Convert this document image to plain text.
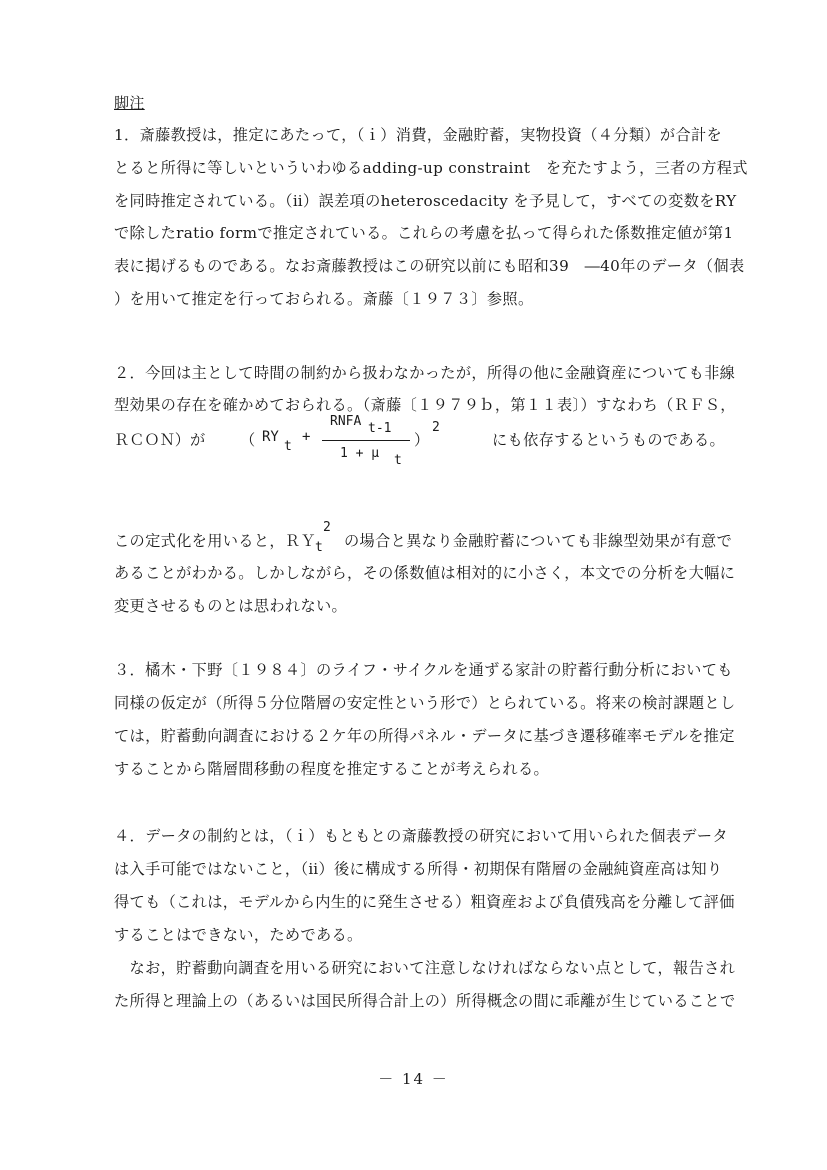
脚注
1．斎藤教授は，推定にあたって，（ｉ）消費，金融貯蓄，実物投資（４分類）が合計を
とると所得に等しいといういわゆるadding-up constraint　を充たすよう，三者の方程式
を同時推定されている。（ⅱ）誤差項のheteroscedacity を予見して，すべての変数をRY
で除したratio formで推定されている。これらの考慮を払って得られた係数推定値が第1
表に掲げるものである。なお斎藤教授はこの研究以前にも昭和39　―40年のデータ（個表
）を用いて推定を行っておられる。斎藤〔１９７３〕参照。
２．今回は主として時間の制約から扱わなかったが，所得の他に金融資産についても非線
型効果の存在を確かめておられる。（斎藤〔１９７９ｂ，第１１表〕）すなわち（ＲＦＳ，
ＲＣＯＮ）が （ RY
t
+
RNFA t-1
1 + μ t
）
2
にも依存するというものである。
この定式化を用いると，ＲＹ
2
t の場合と異なり金融貯蓄についても非線型効果が有意で
あることがわかる。しかしながら，その係数値は相対的に小さく，本文での分析を大幅に
変更させるものとは思われない。
３．橘木・下野〔１９８４〕のライフ・サイクルを通ずる家計の貯蓄行動分析においても
同様の仮定が（所得５分位階層の安定性という形で）とられている。将来の検討課題とし
ては，貯蓄動向調査における２ケ年の所得パネル・データに基づき遷移確率モデルを推定
することから階層間移動の程度を推定することが考えられる。
４．データの制約とは，（ｉ）もともとの斎藤教授の研究において用いられた個表データ
は入手可能ではないこと，（ⅱ）後に構成する所得・初期保有階層の金融純資産高は知り
得ても（これは，モデルから内生的に発生させる）粗資産および負債残高を分離して評価
することはできない，ためである。
　なお，貯蓄動向調査を用いる研究において注意しなければならない点として，報告され
た所得と理論上の（あるいは国民所得合計上の）所得概念の間に乖離が生じていることで
－ 14 －
